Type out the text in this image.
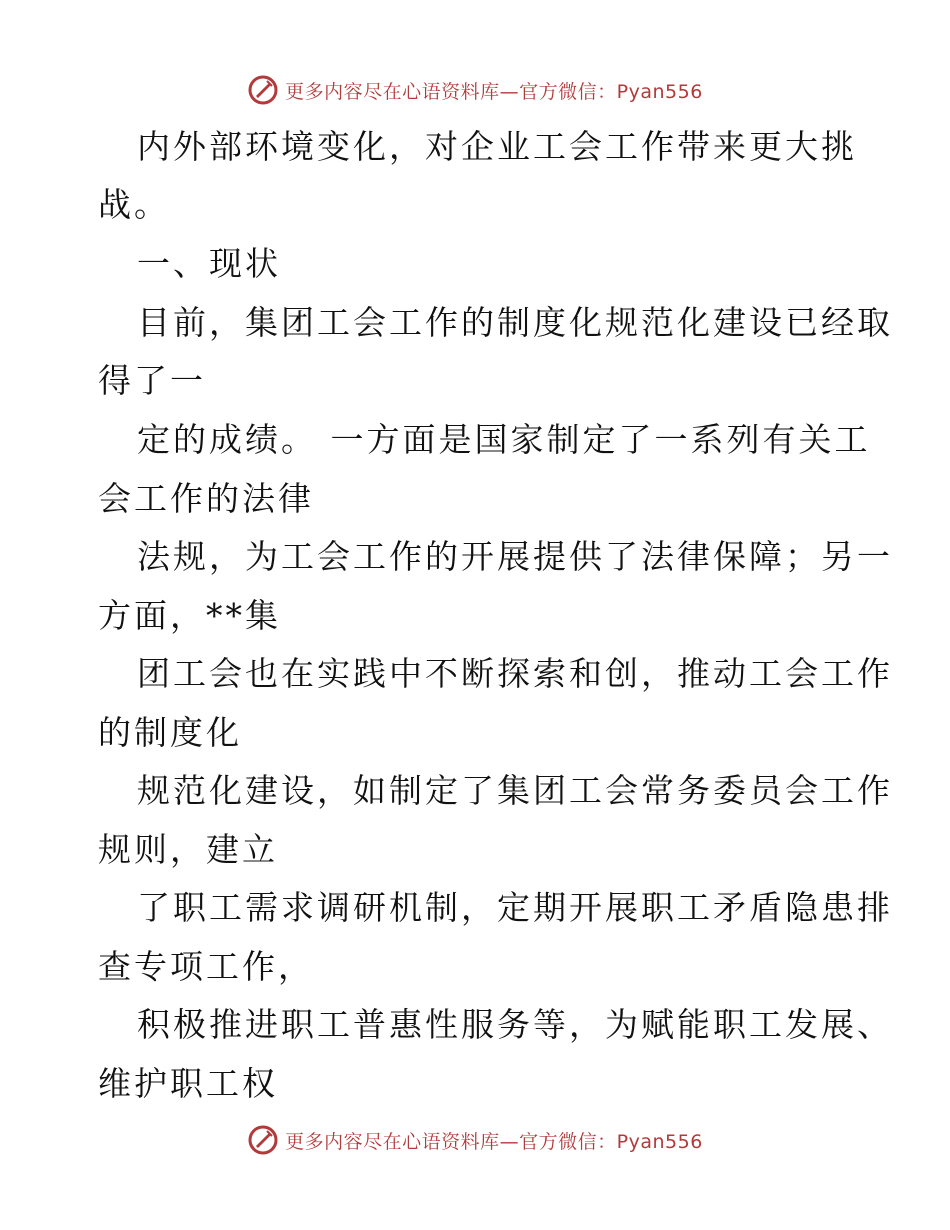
更多内容尽在心语资料库—官方微信：Pyan556
内外部环境变化，对企业工会工作带来更大挑
战。
一、现状
目前，集团工会工作的制度化规范化建设已经取
得了一
定的成绩。 一方面是国家制定了一系列有关工
会工作的法律
法规，为工会工作的开展提供了法律保障；另一
方面，**集
团工会也在实践中不断探索和创，推动工会工作
的制度化
规范化建设，如制定了集团工会常务委员会工作
规则，建立
了职工需求调研机制，定期开展职工矛盾隐患排
查专项工作，
积极推进职工普惠性服务等，为赋能职工发展、
维护职工权
更多内容尽在心语资料库—官方微信：Pyan556
